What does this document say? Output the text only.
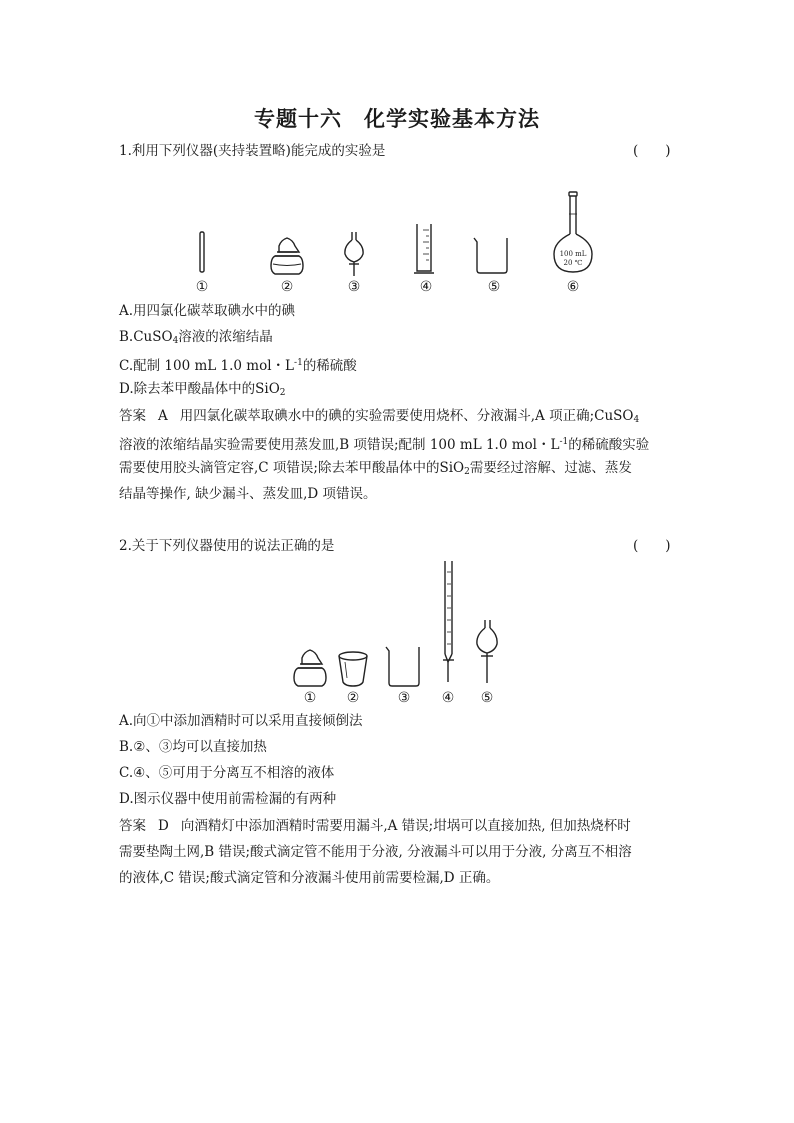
专题十六　化学实验基本方法
1.利用下列仪器(夹持装置略)能完成的实验是	(　　)
100 mL
20 ℃
①	②	③	④	⑤	⑥
A.用四氯化碳萃取碘水中的碘
B.CuSO$_4$溶液的浓缩结晶
C.配制 100 mL 1.0 mol・$L^{-1}$的稀硫酸
D.除去苯甲酸晶体中的SiO$_2$
答案 A 用四氯化碳萃取碘水中的碘的实验需要使用烧杯、分液漏斗,A 项正确;CuSO$_4$
溶液的浓缩结晶实验需要使用蒸发皿,B 项错误;配制 100 mL 1.0 mol・$L^{-1}$的稀硫酸实验
需要使用胶头滴管定容,C 项错误;除去苯甲酸晶体中的SiO$_2$需要经过溶解、过滤、蒸发
结晶等操作, 缺少漏斗、蒸发皿,D 项错误。
2.关于下列仪器使用的说法正确的是	(　　)
① ②	③ ④ ⑤
A.向①中添加酒精时可以采用直接倾倒法
B.②、③均可以直接加热
C.④、⑤可用于分离互不相溶的液体
D.图示仪器中使用前需检漏的有两种
答案 D 向酒精灯中添加酒精时需要用漏斗,A 错误;坩埚可以直接加热, 但加热烧杯时
需要垫陶土网,B 错误;酸式滴定管不能用于分液, 分液漏斗可以用于分液, 分离互不相溶
的液体,C 错误;酸式滴定管和分液漏斗使用前需要检漏,D 正确。
